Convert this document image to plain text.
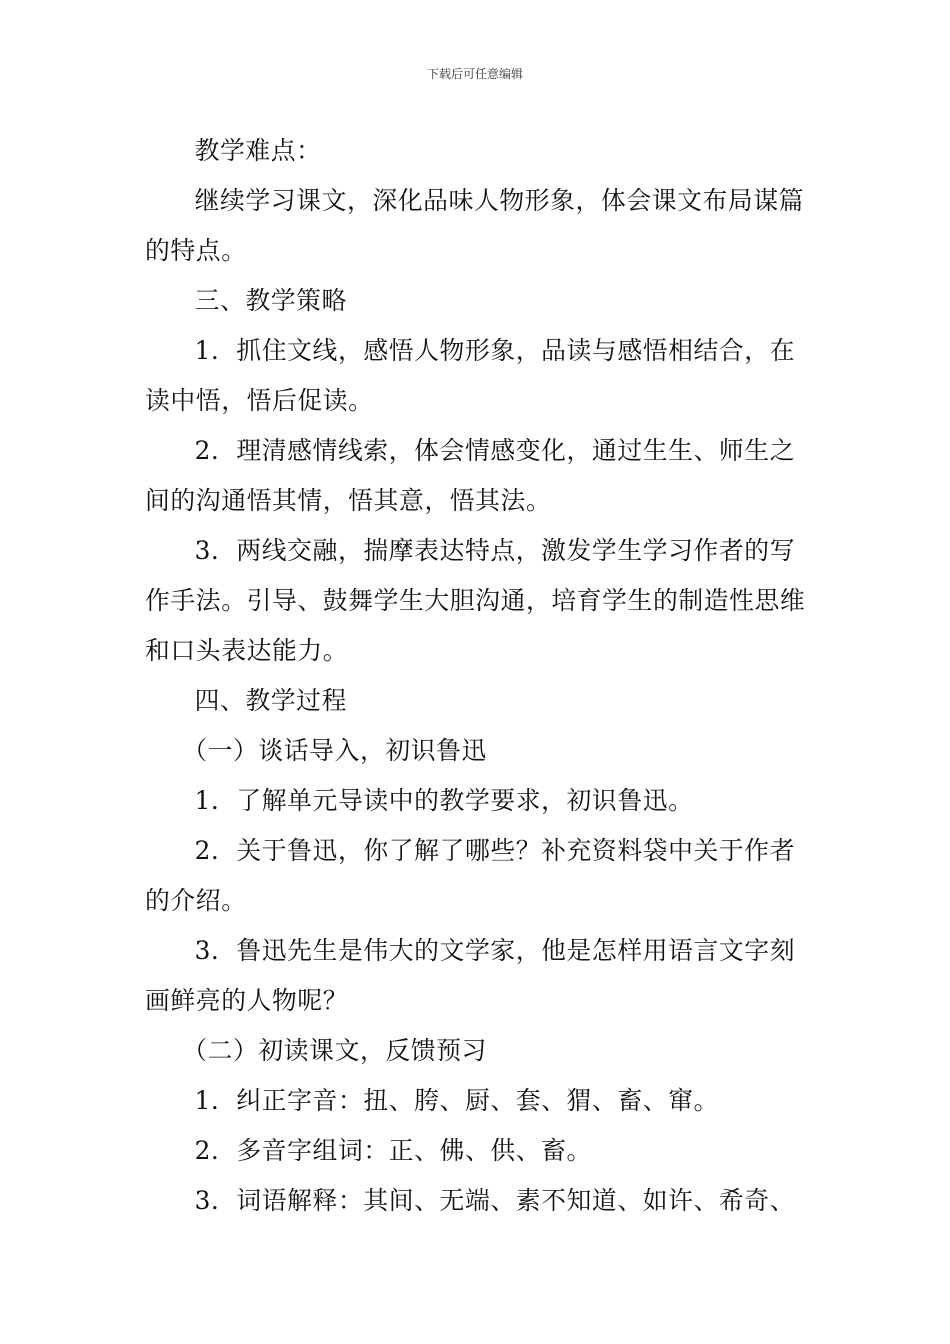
下载后可任意编辑

教学难点：

继续学习课文，深化品味人物形象，体会课文布局谋篇的特点。

三、教学策略

1．抓住文线，感悟人物形象，品读与感悟相结合，在读中悟，悟后促读。

2．理清感情线索，体会情感变化，通过生生、师生之间的沟通悟其情，悟其意，悟其法。

3．两线交融，揣摩表达特点，激发学生学习作者的写作手法。引导、鼓舞学生大胆沟通，培育学生的制造性思维和口头表达能力。

四、教学过程

（一）谈话导入，初识鲁迅

1．了解单元导读中的教学要求，初识鲁迅。

2．关于鲁迅，你了解了哪些？补充资料袋中关于作者的介绍。

3．鲁迅先生是伟大的文学家，他是怎样用语言文字刻画鲜亮的人物呢？

（二）初读课文，反馈预习

1．纠正字音：扭、胯、厨、套、猬、畜、窜。

2．多音字组词：正、佛、供、畜。

3．词语解释：其间、无端、素不知道、如许、希奇、
